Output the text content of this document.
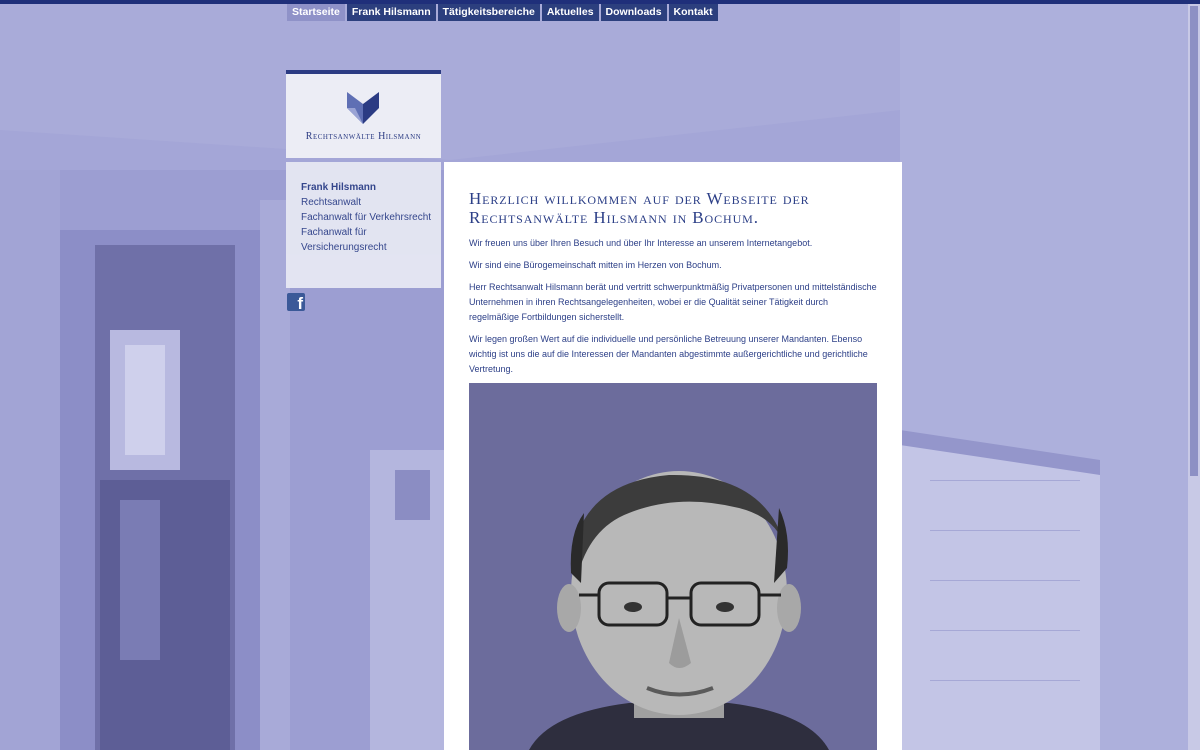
Startseite	Frank Hilsmann	Tätigkeitsbereiche	Aktuelles	Downloads	Kontakt
Rechtsanwälte Hilsmann
Frank Hilsmann
Rechtsanwalt
Fachanwalt für Verkehrsrecht
Fachanwalt für
Versicherungsrecht
f
Herzlich willkommen auf der Webseite der
Rechtsanwälte Hilsmann in Bochum.

Wir freuen uns über Ihren Besuch und über Ihr Interesse an unserem Internetangebot.

Wir sind eine Bürogemeinschaft mitten im Herzen von Bochum.

Herr Rechtsanwalt Hilsmann berät und vertritt schwerpunktmäßig Privatpersonen und mittelständische Unternehmen in ihren Rechtsangelegenheiten, wobei er die Qualität seiner Tätigkeit durch regelmäßige Fortbildungen sicherstellt.

Wir legen großen Wert auf die individuelle und persönliche Betreuung unserer Mandanten. Ebenso wichtig ist uns die auf die Interessen der Mandanten abgestimmte außergerichtliche und gerichtliche Vertretung.
